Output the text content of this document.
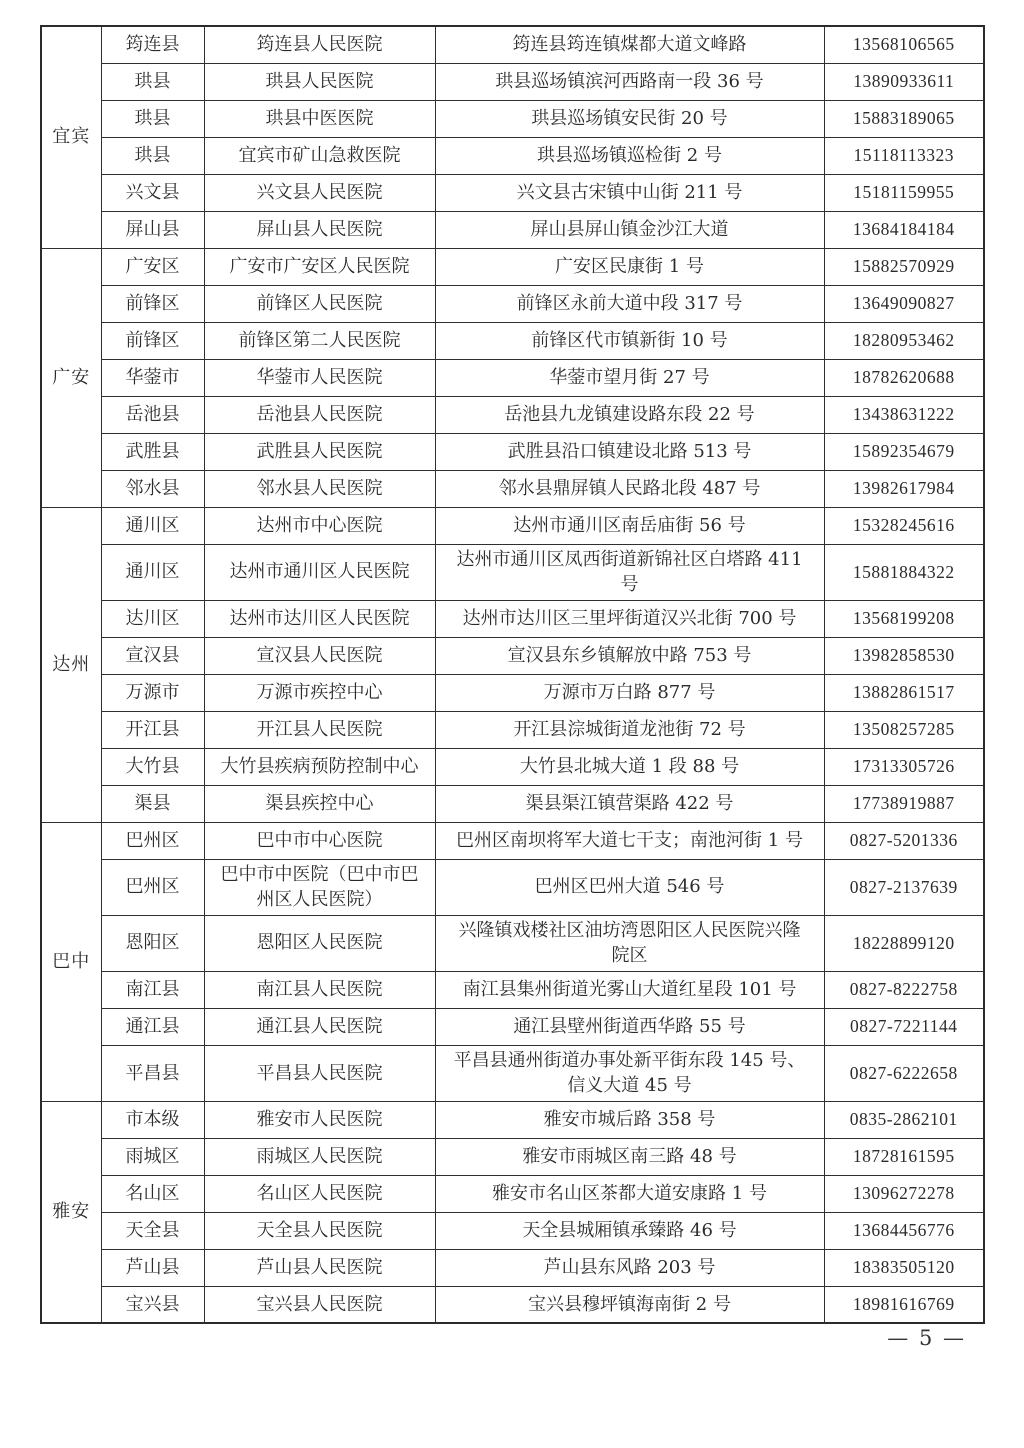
宜宾	筠连县	筠连县人民医院	筠连县筠连镇煤都大道文峰路	13568106565
	珙县	珙县人民医院	珙县巡场镇滨河西路南一段 36 号	13890933611
	珙县	珙县中医医院	珙县巡场镇安民街 20 号	15883189065
	珙县	宜宾市矿山急救医院	珙县巡场镇巡检街 2 号	15118113323
	兴文县	兴文县人民医院	兴文县古宋镇中山街 211 号	15181159955
	屏山县	屏山县人民医院	屏山县屏山镇金沙江大道	13684184184
广安	广安区	广安市广安区人民医院	广安区民康街 1 号	15882570929
	前锋区	前锋区人民医院	前锋区永前大道中段 317 号	13649090827
	前锋区	前锋区第二人民医院	前锋区代市镇新街 10 号	18280953462
	华蓥市	华蓥市人民医院	华蓥市望月街 27 号	18782620688
	岳池县	岳池县人民医院	岳池县九龙镇建设路东段 22 号	13438631222
	武胜县	武胜县人民医院	武胜县沿口镇建设北路 513 号	15892354679
	邻水县	邻水县人民医院	邻水县鼎屏镇人民路北段 487 号	13982617984
达州	通川区	达州市中心医院	达州市通川区南岳庙街 56 号	15328245616
	通川区	达州市通川区人民医院	达州市通川区凤西街道新锦社区白塔路 411 号	15881884322
	达川区	达州市达川区人民医院	达州市达川区三里坪街道汉兴北街 700 号	13568199208
	宣汉县	宣汉县人民医院	宣汉县东乡镇解放中路 753 号	13982858530
	万源市	万源市疾控中心	万源市万白路 877 号	13882861517
	开江县	开江县人民医院	开江县淙城街道龙池街 72 号	13508257285
	大竹县	大竹县疾病预防控制中心	大竹县北城大道 1 段 88 号	17313305726
	渠县	渠县疾控中心	渠县渠江镇营渠路 422 号	17738919887
巴中	巴州区	巴中市中心医院	巴州区南坝将军大道七干支；南池河街 1 号	0827-5201336
	巴州区	巴中市中医院（巴中市巴州区人民医院）	巴州区巴州大道 546 号	0827-2137639
	恩阳区	恩阳区人民医院	兴隆镇戏楼社区油坊湾恩阳区人民医院兴隆院区	18228899120
	南江县	南江县人民医院	南江县集州街道光雾山大道红星段 101 号	0827-8222758
	通江县	通江县人民医院	通江县壁州街道西华路 55 号	0827-7221144
	平昌县	平昌县人民医院	平昌县通州街道办事处新平街东段 145 号、信义大道 45 号	0827-6222658
雅安	市本级	雅安市人民医院	雅安市城后路 358 号	0835-2862101
	雨城区	雨城区人民医院	雅安市雨城区南三路 48 号	18728161595
	名山区	名山区人民医院	雅安市名山区茶都大道安康路 1 号	13096272278
	天全县	天全县人民医院	天全县城厢镇承臻路 46 号	13684456776
	芦山县	芦山县人民医院	芦山县东风路 203 号	18383505120
	宝兴县	宝兴县人民医院	宝兴县穆坪镇海南街 2 号	18981616769
— 5 —
